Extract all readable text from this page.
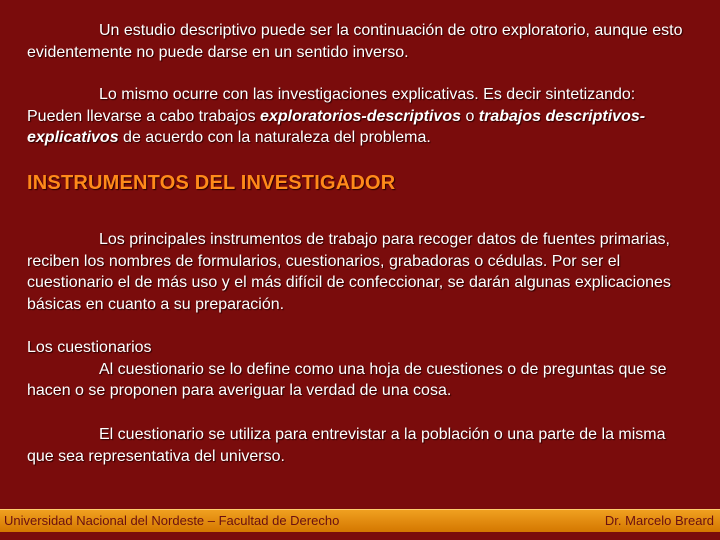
Un estudio descriptivo puede ser la continuación de otro exploratorio, aunque esto evidentemente no puede darse en un sentido inverso.

Lo mismo ocurre con las investigaciones explicativas. Es decir sintetizando:
Pueden llevarse a cabo trabajos exploratorios-descriptivos o trabajos descriptivos-explicativos de acuerdo con la naturaleza del problema.

INSTRUMENTOS DEL INVESTIGADOR

Los principales instrumentos de trabajo para recoger datos de fuentes primarias, reciben los nombres de formularios, cuestionarios, grabadoras o cédulas. Por ser el cuestionario el de más uso y el más difícil de confeccionar, se darán algunas explicaciones básicas en cuanto a su preparación.

Los cuestionarios
Al cuestionario se lo define como una hoja de cuestiones o de preguntas que se hacen o se proponen para averiguar la verdad de una cosa.

El cuestionario se utiliza para entrevistar a la población o una parte de la misma que sea representativa del universo.

Universidad Nacional del Nordeste – Facultad de Derecho	Dr. Marcelo Breard
